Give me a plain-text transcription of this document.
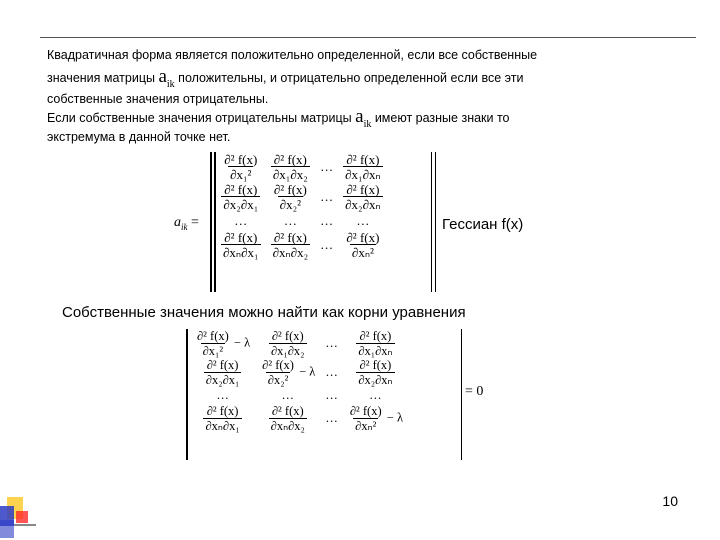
Квадратичная форма является положительно определенной, если все собственные
значения матрицы $a_{ik}$ положительны, и отрицательно определенной если все эти
собственные значения отрицательны.
Если собственные значения отрицательны матрицы $a_{ik}$ имеют разные знаки то
экстремума в данной точке нет.
$a_{ik}$ =
$\frac{\text{∂² f(x)}}{\text{∂x₁²}}$	$\frac{\text{∂² f(x)}}{\text{∂x₁∂x₂}}$	…	$\frac{\text{∂² f(x)}}{\text{∂x₁∂xₙ}}$

$\frac{\text{∂² f(x)}}{\text{∂x₂∂x₁}}$	$\frac{\text{∂² f(x)}}{\text{∂x₂²}}$	…	$\frac{\text{∂² f(x)}}{\text{∂x₂∂xₙ}}$

…	…	…	…

$\frac{\text{∂² f(x)}}{\text{∂xₙ∂x₁}}$	$\frac{\text{∂² f(x)}}{\text{∂xₙ∂x₂}}$	…	$\frac{\text{∂² f(x)}}{\text{∂xₙ²}}$
Гессиан f(x)
Собственные значения можно найти как корни уравнения
$\frac{\text{∂² f(x)}}{\text{∂x₁²}} - \lambda$	$\frac{\text{∂² f(x)}}{\text{∂x₁∂x₂}}$	…	$\frac{\text{∂² f(x)}}{\text{∂x₁∂xₙ}}$

$\frac{\text{∂² f(x)}}{\text{∂x₂∂x₁}}$	$\frac{\text{∂² f(x)}}{\text{∂x₂²}} - \lambda$	…	$\frac{\text{∂² f(x)}}{\text{∂x₂∂xₙ}}$

…	…	…	…

$\frac{\text{∂² f(x)}}{\text{∂xₙ∂x₁}}$	$\frac{\text{∂² f(x)}}{\text{∂xₙ∂x₂}}$	…	$\frac{\text{∂² f(x)}}{\text{∂xₙ²}} - \lambda$
= 0
10
